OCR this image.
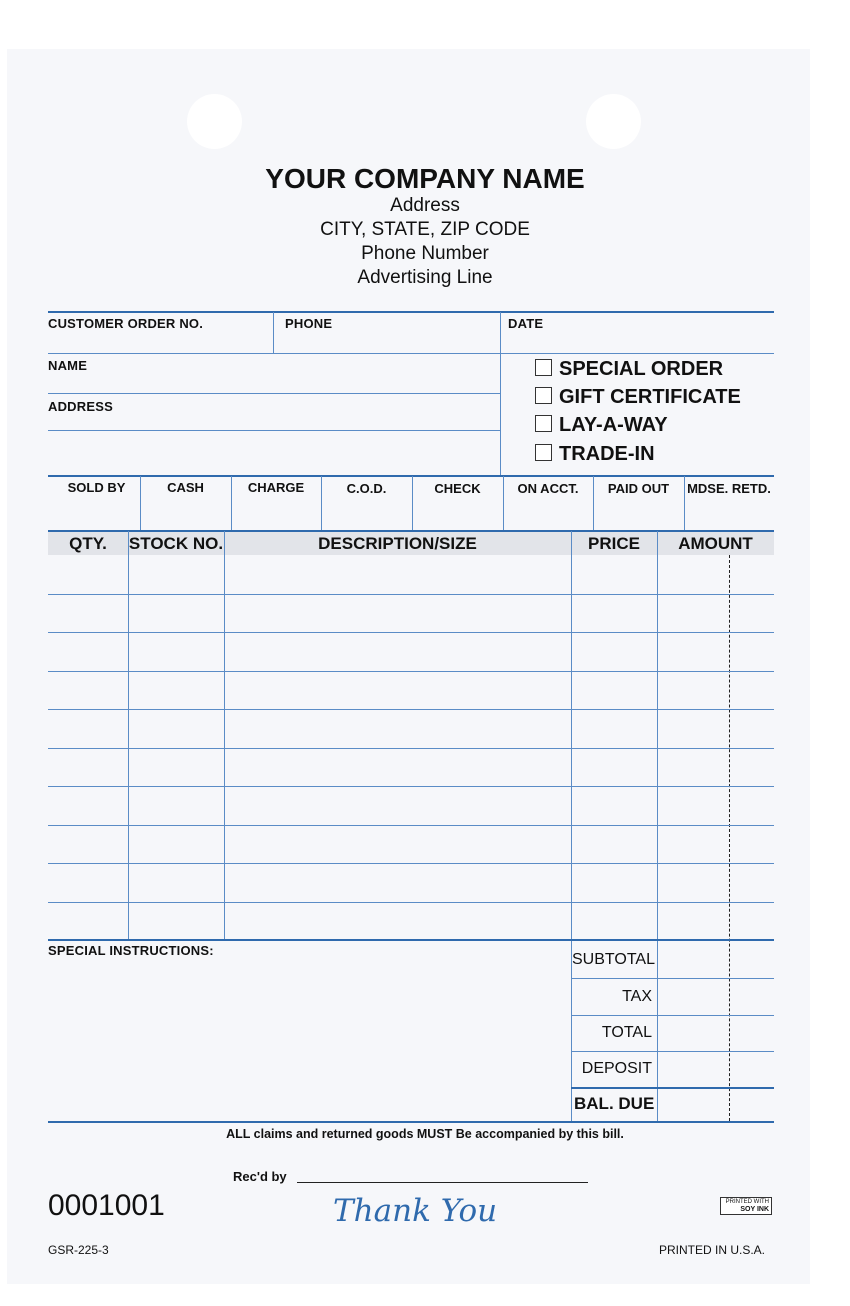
YOUR COMPANY NAME
Address
CITY, STATE, ZIP CODE
Phone Number
Advertising Line
CUSTOMER ORDER NO.	PHONE	DATE
NAME
ADDRESS
SPECIAL ORDER
GIFT CERTIFICATE
LAY-A-WAY
TRADE-IN
SOLD BY	CASH	CHARGE	C.O.D.	CHECK	ON ACCT.	PAID OUT	MDSE. RETD.
QTY.	STOCK NO.	DESCRIPTION/SIZE	PRICE	AMOUNT
SPECIAL INSTRUCTIONS:
SUBTOTAL
TAX
TOTAL
DEPOSIT
BAL. DUE
ALL claims and returned goods MUST Be accompanied by this bill.
Rec'd by
0001001	Thank You	PRINTED WITH
SOY INK
GSR-225-3	PRINTED IN U.S.A.
